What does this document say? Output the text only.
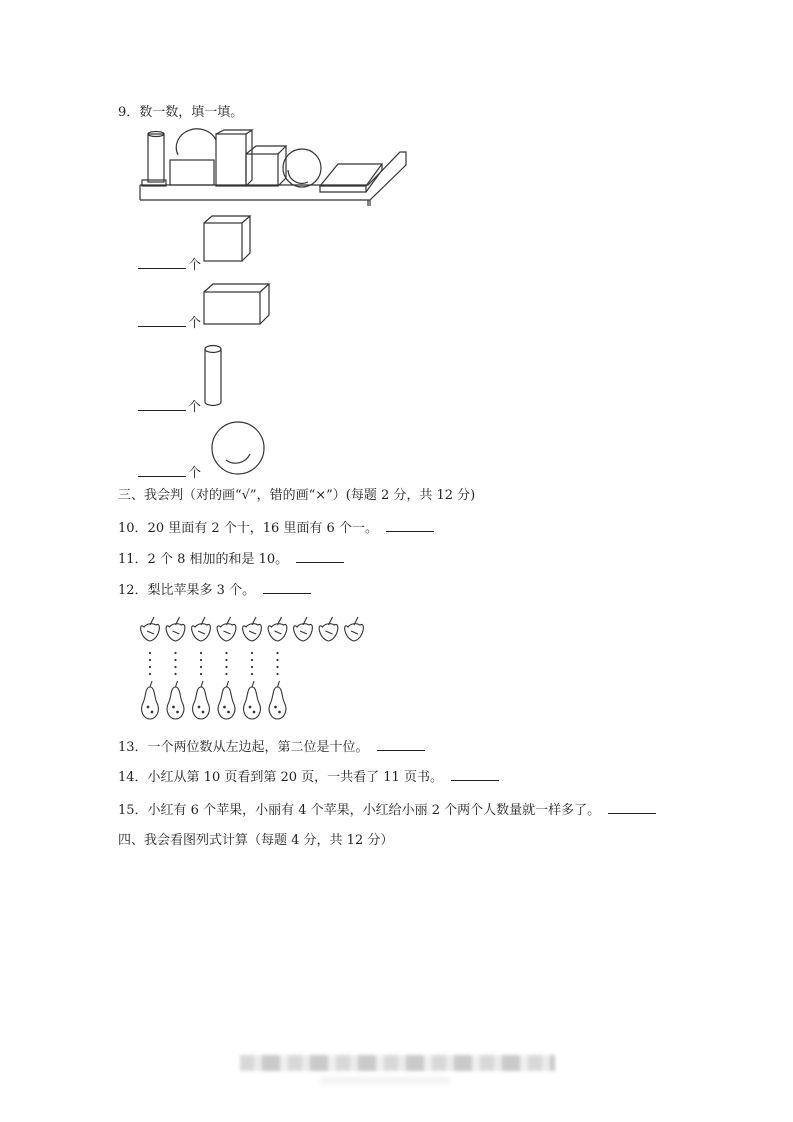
9．数一数，填一填。
个
个
个
个
三、我会判（对的画“√”，错的画“×”）(每题 2 分，共 12 分)
10．20 里面有 2 个十，16 里面有 6 个一。
11．2 个 8 相加的和是 10。
12．梨比苹果多 3 个。
13．一个两位数从左边起，第二位是十位。
14．小红从第 10 页看到第 20 页，一共看了 11 页书。
15．小红有 6 个苹果，小丽有 4 个苹果，小红给小丽 2 个两个人数量就一样多了。
四、我会看图列式计算（每题 4 分，共 12 分）
